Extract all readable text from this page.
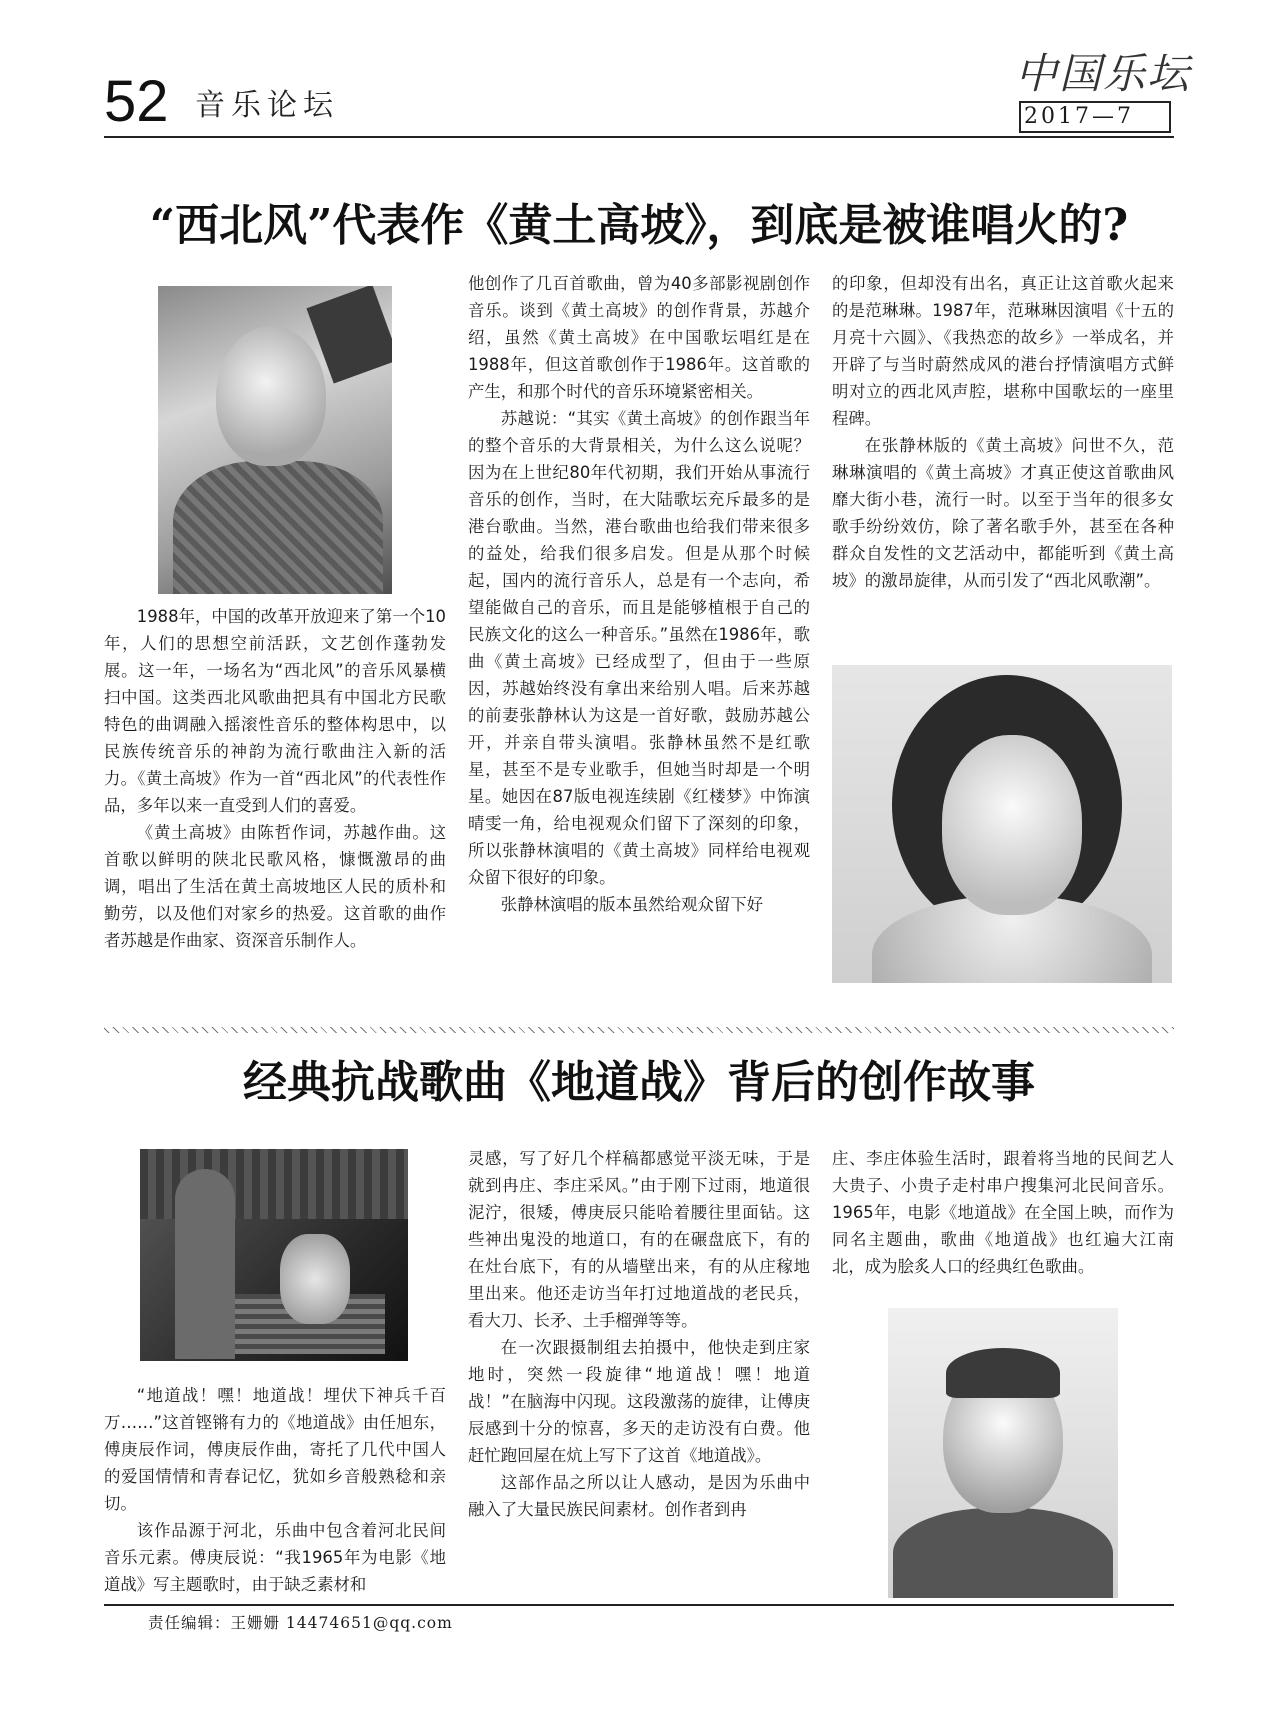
52 音乐论坛
中国乐坛
2017—7
“西北风”代表作《黄土高坡》，到底是被谁唱火的?

1988年，中国的改革开放迎来了第一个10年，人们的思想空前活跃，文艺创作蓬勃发展。这一年，一场名为“西北风”的音乐风暴横扫中国。这类西北风歌曲把具有中国北方民歌特色的曲调融入摇滚性音乐的整体构思中，以民族传统音乐的神韵为流行歌曲注入新的活力。《黄土高坡》作为一首“西北风”的代表性作品，多年以来一直受到人们的喜爱。

《黄土高坡》由陈哲作词，苏越作曲。这首歌以鲜明的陕北民歌风格，慷慨激昂的曲调，唱出了生活在黄土高坡地区人民的质朴和勤劳，以及他们对家乡的热爱。这首歌的曲作者苏越是作曲家、资深音乐制作人。

他创作了几百首歌曲，曾为40多部影视剧创作音乐。谈到《黄土高坡》的创作背景，苏越介绍，虽然《黄土高坡》在中国歌坛唱红是在1988年，但这首歌创作于1986年。这首歌的产生，和那个时代的音乐环境紧密相关。

苏越说：“其实《黄土高坡》的创作跟当年的整个音乐的大背景相关，为什么这么说呢？因为在上世纪80年代初期，我们开始从事流行音乐的创作，当时，在大陆歌坛充斥最多的是港台歌曲。当然，港台歌曲也给我们带来很多的益处，给我们很多启发。但是从那个时候起，国内的流行音乐人，总是有一个志向，希望能做自己的音乐，而且是能够植根于自己的民族文化的这么一种音乐。”虽然在1986年，歌曲《黄土高坡》已经成型了，但由于一些原因，苏越始终没有拿出来给别人唱。后来苏越的前妻张静林认为这是一首好歌，鼓励苏越公开，并亲自带头演唱。张静林虽然不是红歌星，甚至不是专业歌手，但她当时却是一个明星。她因在87版电视连续剧《红楼梦》中饰演晴雯一角，给电视观众们留下了深刻的印象，所以张静林演唱的《黄土高坡》同样给电视观众留下很好的印象。

张静林演唱的版本虽然给观众留下好

的印象，但却没有出名，真正让这首歌火起来的是范琳琳。1987年，范琳琳因演唱《十五的月亮十六圆》、《我热恋的故乡》一举成名，并开辟了与当时蔚然成风的港台抒情演唱方式鲜明对立的西北风声腔，堪称中国歌坛的一座里程碑。

在张静林版的《黄土高坡》问世不久，范琳琳演唱的《黄土高坡》才真正使这首歌曲风靡大街小巷，流行一时。以至于当年的很多女歌手纷纷效仿，除了著名歌手外，甚至在各种群众自发性的文艺活动中，都能听到《黄土高坡》的激昂旋律，从而引发了“西北风歌潮”。

经典抗战歌曲《地道战》背后的创作故事

“地道战！嘿！地道战！埋伏下神兵千百万……”这首铿锵有力的《地道战》由任旭东，傅庚辰作词，傅庚辰作曲，寄托了几代中国人的爱国情情和青春记忆，犹如乡音般熟稔和亲切。

该作品源于河北，乐曲中包含着河北民间音乐元素。傅庚辰说：“我1965年为电影《地道战》写主题歌时，由于缺乏素材和

灵感，写了好几个样稿都感觉平淡无味，于是就到冉庄、李庄采风。”由于刚下过雨，地道很泥泞，很矮，傅庚辰只能哈着腰往里面钻。这些神出鬼没的地道口，有的在碾盘底下，有的在灶台底下，有的从墙壁出来，有的从庄稼地里出来。他还走访当年打过地道战的老民兵，看大刀、长矛、土手榴弹等等。

在一次跟摄制组去拍摄中，他快走到庄家地时，突然一段旋律“地道战！嘿！地道战！”在脑海中闪现。这段激荡的旋律，让傅庚辰感到十分的惊喜，多天的走访没有白费。他赶忙跑回屋在炕上写下了这首《地道战》。

这部作品之所以让人感动，是因为乐曲中融入了大量民族民间素材。创作者到冉

庄、李庄体验生活时，跟着将当地的民间艺人大贵子、小贵子走村串户搜集河北民间音乐。1965年，电影《地道战》在全国上映，而作为同名主题曲，歌曲《地道战》也红遍大江南北，成为脍炙人口的经典红色歌曲。

责任编辑：王姗姗 14474651@qq.com
